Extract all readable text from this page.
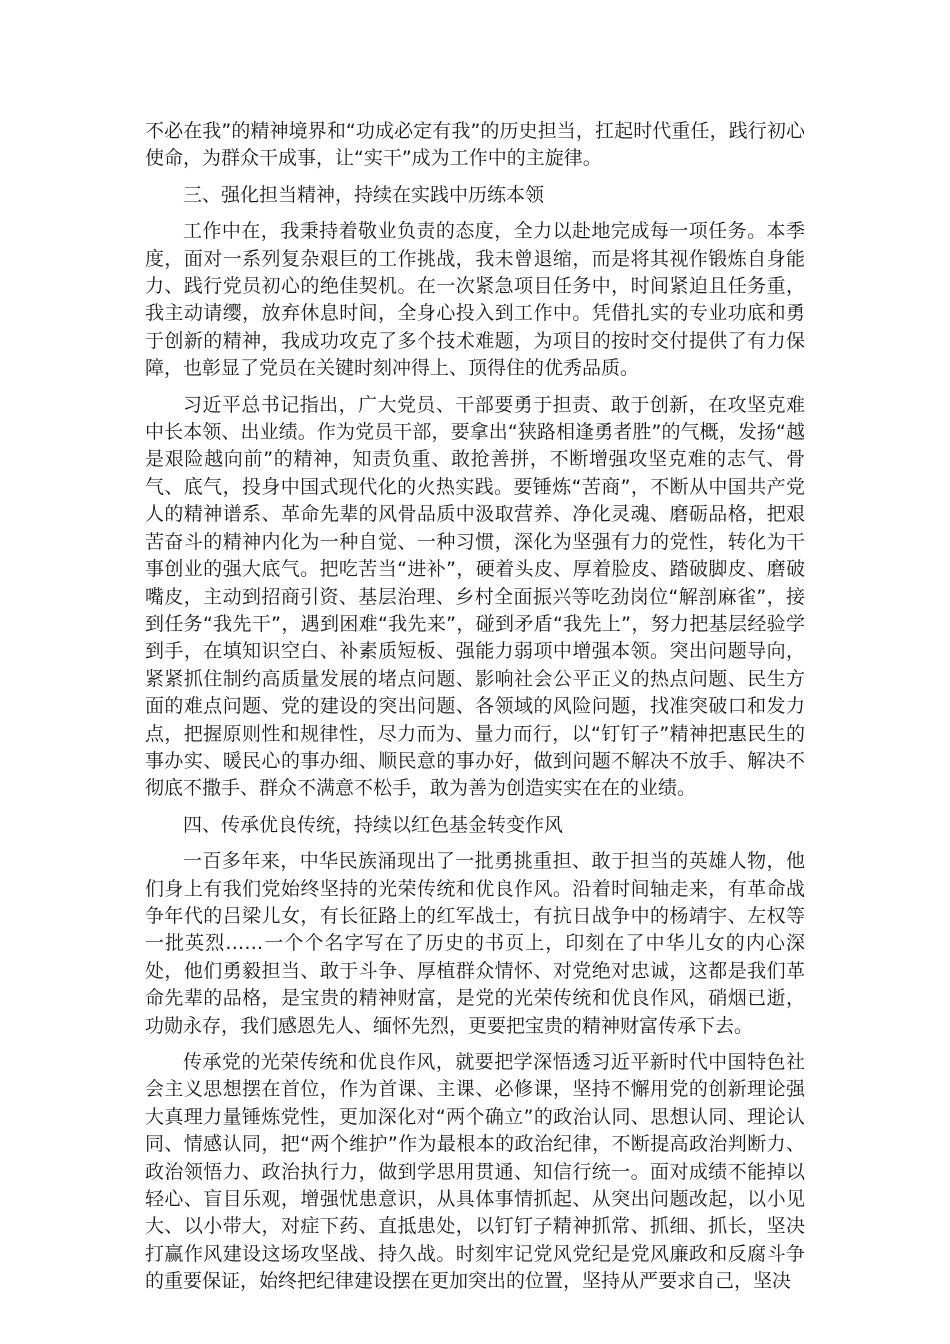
不必在我”的精神境界和“功成必定有我”的历史担当，扛起时代重任，践行初心使命，为群众干成事，让“实干”成为工作中的主旋律。

三、强化担当精神，持续在实践中历练本领

工作中在，我秉持着敬业负责的态度，全力以赴地完成每一项任务。本季度，面对一系列复杂艰巨的工作挑战，我未曾退缩，而是将其视作锻炼自身能力、践行党员初心的绝佳契机。在一次紧急项目任务中，时间紧迫且任务重，我主动请缨，放弃休息时间，全身心投入到工作中。凭借扎实的专业功底和勇于创新的精神，我成功攻克了多个技术难题，为项目的按时交付提供了有力保障，也彰显了党员在关键时刻冲得上、顶得住的优秀品质。

习近平总书记指出，广大党员、干部要勇于担责、敢于创新，在攻坚克难中长本领、出业绩。作为党员干部，要拿出“狭路相逢勇者胜”的气概，发扬“越是艰险越向前”的精神，知责负重、敢抢善拼，不断增强攻坚克难的志气、骨气、底气，投身中国式现代化的火热实践。要锤炼“苦商”，不断从中国共产党人的精神谱系、革命先辈的风骨品质中汲取营养、净化灵魂、磨砺品格，把艰苦奋斗的精神内化为一种自觉、一种习惯，深化为坚强有力的党性，转化为干事创业的强大底气。把吃苦当“进补”，硬着头皮、厚着脸皮、踏破脚皮、磨破嘴皮，主动到招商引资、基层治理、乡村全面振兴等吃劲岗位“解剖麻雀”，接到任务“我先干”，遇到困难“我先来”，碰到矛盾“我先上”，努力把基层经验学到手，在填知识空白、补素质短板、强能力弱项中增强本领。突出问题导向，紧紧抓住制约高质量发展的堵点问题、影响社会公平正义的热点问题、民生方面的难点问题、党的建设的突出问题、各领域的风险问题，找准突破口和发力点，把握原则性和规律性，尽力而为、量力而行，以“钉钉子”精神把惠民生的事办实、暖民心的事办细、顺民意的事办好，做到问题不解决不放手、解决不彻底不撒手、群众不满意不松手，敢为善为创造实实在在的业绩。

四、传承优良传统，持续以红色基金转变作风

一百多年来，中华民族涌现出了一批勇挑重担、敢于担当的英雄人物，他们身上有我们党始终坚持的光荣传统和优良作风。沿着时间轴走来，有革命战争年代的吕梁儿女，有长征路上的红军战士，有抗日战争中的杨靖宇、左权等一批英烈……一个个名字写在了历史的书页上，印刻在了中华儿女的内心深处，他们勇毅担当、敢于斗争、厚植群众情怀、对党绝对忠诚，这都是我们革命先辈的品格，是宝贵的精神财富，是党的光荣传统和优良作风，硝烟已逝，功勋永存，我们感恩先人、缅怀先烈，更要把宝贵的精神财富传承下去。

传承党的光荣传统和优良作风，就要把学深悟透习近平新时代中国特色社会主义思想摆在首位，作为首课、主课、必修课，坚持不懈用党的创新理论强大真理力量锤炼党性，更加深化对“两个确立”的政治认同、思想认同、理论认同、情感认同，把“两个维护”作为最根本的政治纪律，不断提高政治判断力、政治领悟力、政治执行力，做到学思用贯通、知信行统一。面对成绩不能掉以轻心、盲目乐观，增强忧患意识，从具体事情抓起、从突出问题改起，以小见大、以小带大，对症下药、直抵患处，以钉钉子精神抓常、抓细、抓长，坚决打赢作风建设这场攻坚战、持久战。时刻牢记党风党纪是党风廉政和反腐斗争的重要保证，始终把纪律建设摆在更加突出的位置，坚持从严要求自己，坚决
